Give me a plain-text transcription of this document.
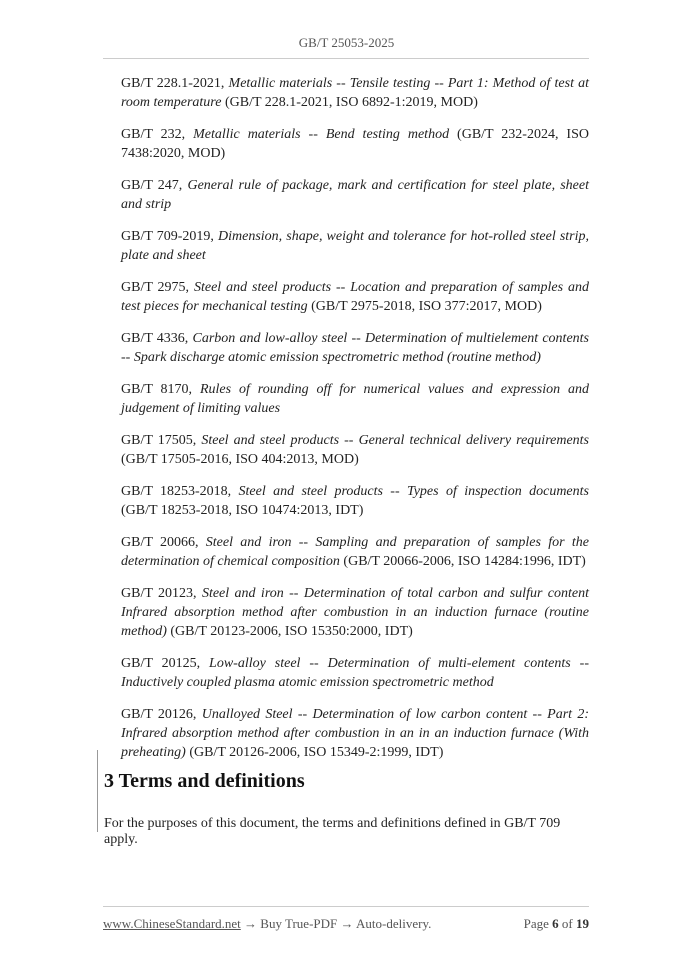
GB/T 25053-2025

GB/T 228.1-2021, Metallic materials -- Tensile testing -- Part 1: Method of test at room temperature (GB/T 228.1-2021, ISO 6892-1:2019, MOD)

GB/T 232, Metallic materials -- Bend testing method (GB/T 232-2024, ISO 7438:2020, MOD)

GB/T 247, General rule of package, mark and certification for steel plate, sheet and strip

GB/T 709-2019, Dimension, shape, weight and tolerance for hot-rolled steel strip, plate and sheet

GB/T 2975, Steel and steel products -- Location and preparation of samples and test pieces for mechanical testing (GB/T 2975-2018, ISO 377:2017, MOD)

GB/T 4336, Carbon and low-alloy steel -- Determination of multielement contents -- Spark discharge atomic emission spectrometric method (routine method)

GB/T 8170, Rules of rounding off for numerical values and expression and judgement of limiting values

GB/T 17505, Steel and steel products -- General technical delivery requirements (GB/T 17505-2016, ISO 404:2013, MOD)

GB/T 18253-2018, Steel and steel products -- Types of inspection documents (GB/T 18253-2018, ISO 10474:2013, IDT)

GB/T 20066, Steel and iron -- Sampling and preparation of samples for the determination of chemical composition (GB/T 20066-2006, ISO 14284:1996, IDT)

GB/T 20123, Steel and iron -- Determination of total carbon and sulfur content Infrared absorption method after combustion in an induction furnace (routine method) (GB/T 20123-2006, ISO 15350:2000, IDT)

GB/T 20125, Low-alloy steel -- Determination of multi-element contents -- Inductively coupled plasma atomic emission spectrometric method

GB/T 20126, Unalloyed Steel -- Determination of low carbon content -- Part 2: Infrared absorption method after combustion in an in an induction furnace (With preheating) (GB/T 20126-2006, ISO 15349-2:1999, IDT)

3 Terms and definitions
For the purposes of this document, the terms and definitions defined in GB/T 709 apply.
www.ChineseStandard.net → Buy True-PDF → Auto-delivery.	Page 6 of 19
